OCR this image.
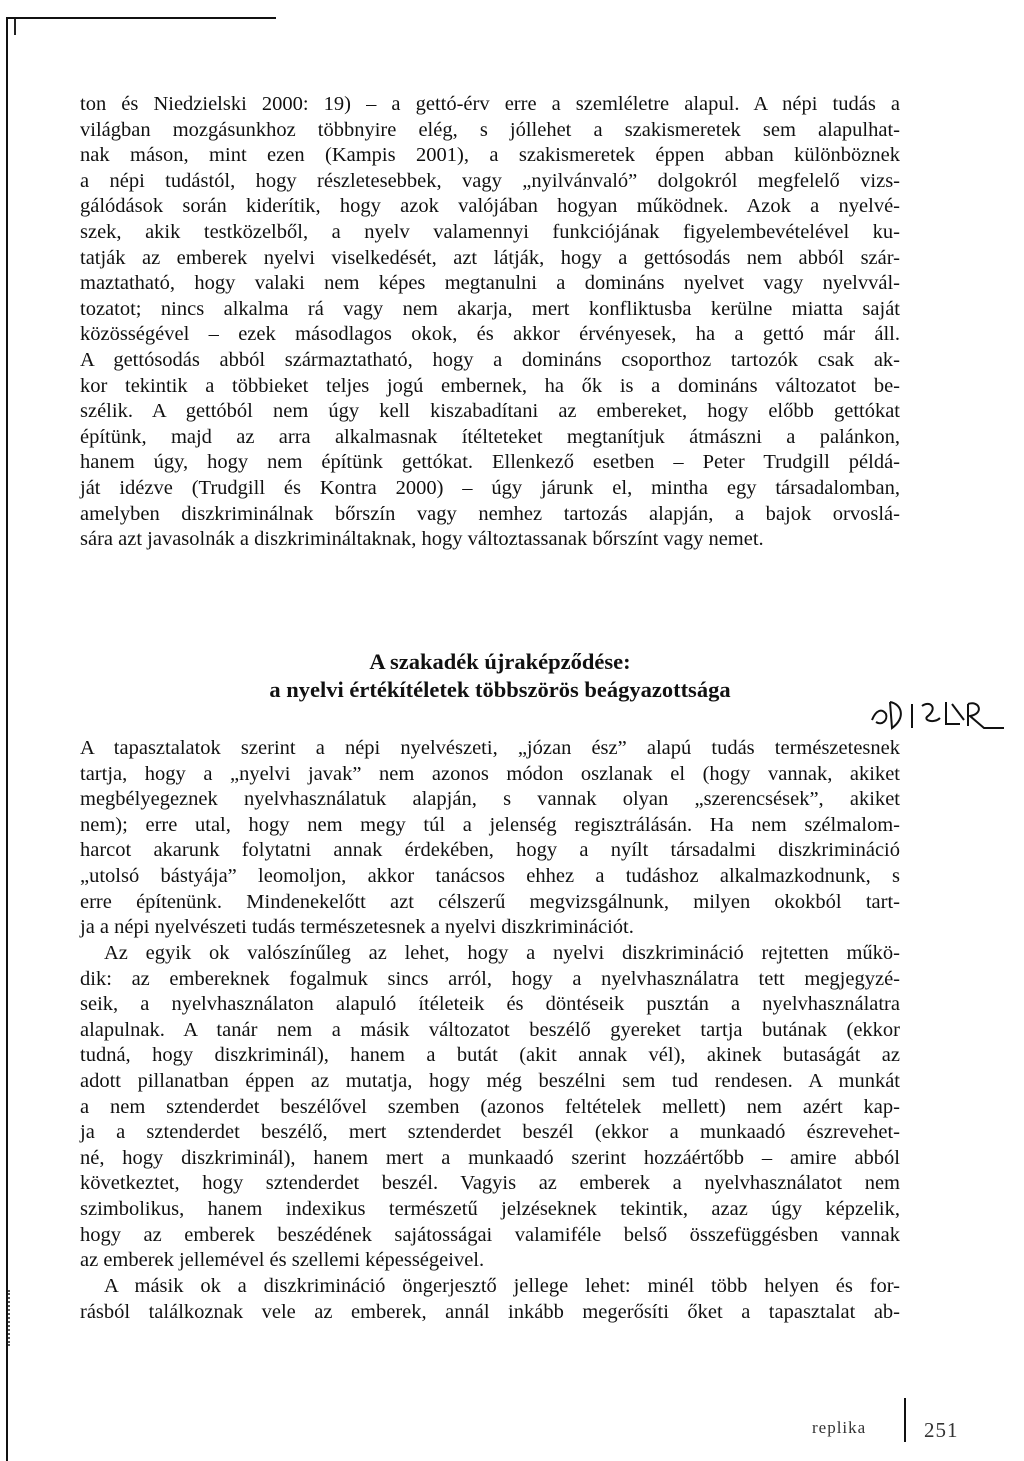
ton és Niedzielski 2000: 19) – a gettó-érv erre a szemléletre alapul. A népi tudás a
világban mozgásunkhoz többnyire elég, s jóllehet a szakismeretek sem alapulhat-
nak máson, mint ezen (Kampis 2001), a szakismeretek éppen abban különböznek
a népi tudástól, hogy részletesebbek, vagy „nyilvánvaló” dolgokról megfelelő vizs-
gálódások során kiderítik, hogy azok valójában hogyan működnek. Azok a nyelvé-
szek, akik testközelből, a nyelv valamennyi funkciójának figyelembevételével ku-
tatják az emberek nyelvi viselkedését, azt látják, hogy a gettósodás nem abból szár-
maztatható, hogy valaki nem képes megtanulni a domináns nyelvet vagy nyelvvál-
tozatot; nincs alkalma rá vagy nem akarja, mert konfliktusba kerülne miatta saját
közösségével – ezek másodlagos okok, és akkor érvényesek, ha a gettó már áll.
A gettósodás abból származtatható, hogy a domináns csoporthoz tartozók csak ak-
kor tekintik a többieket teljes jogú embernek, ha ők is a domináns változatot be-
szélik. A gettóból nem úgy kell kiszabadítani az embereket, hogy előbb gettókat
építünk, majd az arra alkalmasnak ítélteteket megtanítjuk átmászni a palánkon,
hanem úgy, hogy nem építünk gettókat. Ellenkező esetben – Peter Trudgill példá-
ját idézve (Trudgill és Kontra 2000) – úgy járunk el, mintha egy társadalomban,
amelyben diszkriminálnak bőrszín vagy nemhez tartozás alapján, a bajok orvoslá-
sára azt javasolnák a diszkrimináltaknak, hogy változtassanak bőrszínt vagy nemet.
A szakadék újraképződése:
a nyelvi értékítéletek többszörös beágyazottsága
A tapasztalatok szerint a népi nyelvészeti, „józan ész” alapú tudás természetesnek
tartja, hogy a „nyelvi javak” nem azonos módon oszlanak el (hogy vannak, akiket
megbélyegeznek nyelvhasználatuk alapján, s vannak olyan „szerencsések”, akiket
nem); erre utal, hogy nem megy túl a jelenség regisztrálásán. Ha nem szélmalom-
harcot akarunk folytatni annak érdekében, hogy a nyílt társadalmi diszkrimináció
„utolsó bástyája” leomoljon, akkor tanácsos ehhez a tudáshoz alkalmazkodnunk, s
erre építenünk. Mindenekelőtt azt célszerű megvizsgálnunk, milyen okokból tart-
ja a népi nyelvészeti tudás természetesnek a nyelvi diszkriminációt.
Az egyik ok valószínűleg az lehet, hogy a nyelvi diszkrimináció rejtetten műkö-
dik: az embereknek fogalmuk sincs arról, hogy a nyelvhasználatra tett megjegyzé-
seik, a nyelvhasználaton alapuló ítéleteik és döntéseik pusztán a nyelvhasználatra
alapulnak. A tanár nem a másik változatot beszélő gyereket tartja butának (ekkor
tudná, hogy diszkriminál), hanem a butát (akit annak vél), akinek butaságát az
adott pillanatban éppen az mutatja, hogy még beszélni sem tud rendesen. A munkát
a nem sztenderdet beszélővel szemben (azonos feltételek mellett) nem azért kap-
ja a sztenderdet beszélő, mert sztenderdet beszél (ekkor a munkaadó észrevehet-
né, hogy diszkriminál), hanem mert a munkaadó szerint hozzáértőbb – amire abból
következtet, hogy sztenderdet beszél. Vagyis az emberek a nyelvhasználatot nem
szimbolikus, hanem indexikus természetű jelzéseknek tekintik, azaz úgy képzelik,
hogy az emberek beszédének sajátosságai valamiféle belső összefüggésben vannak
az emberek jellemével és szellemi képességeivel.
A másik ok a diszkrimináció öngerjesztő jellege lehet: minél több helyen és for-
rásból találkoznak vele az emberek, annál inkább megerősíti őket a tapasztalat ab-
replika	251
